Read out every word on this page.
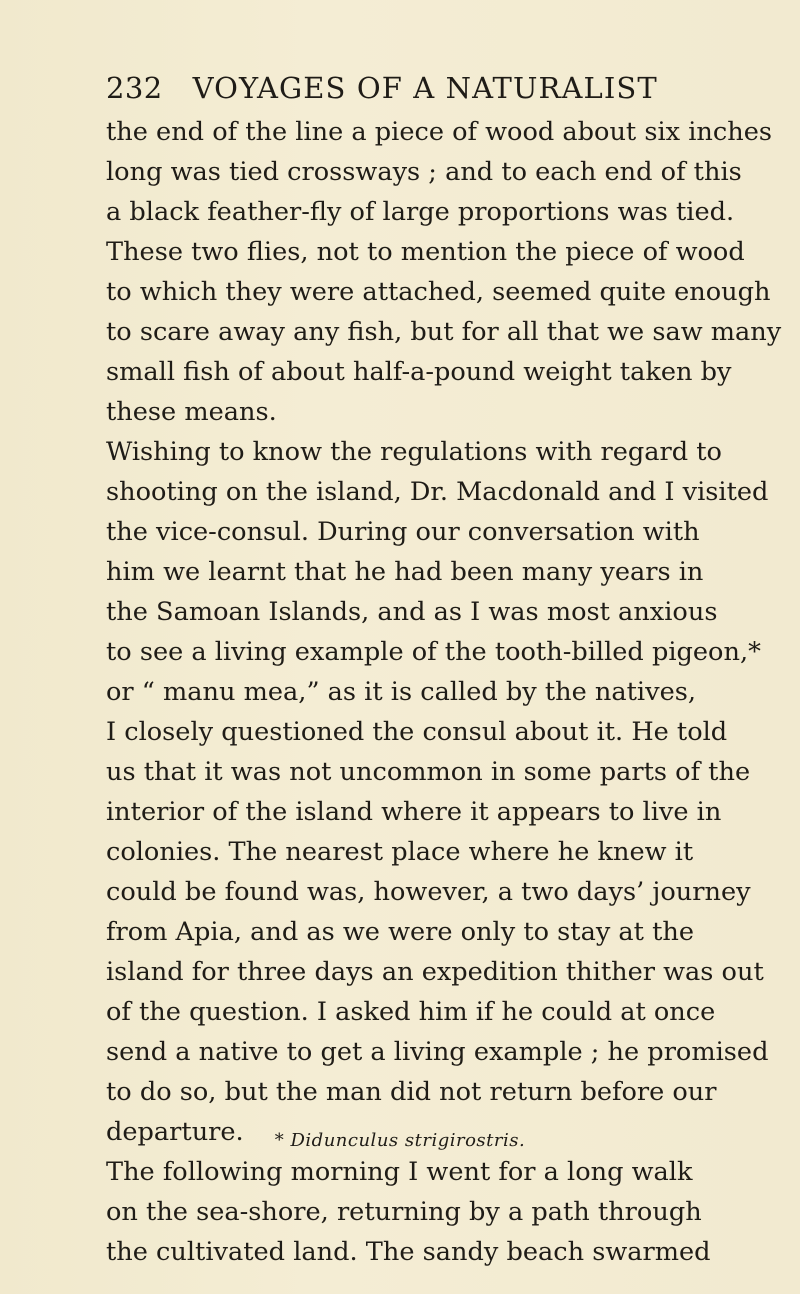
232 VOYAGES OF A NATURALIST
the end of the line a piece of wood about six inches
long was tied crossways ; and to each end of this
a black feather-fly of large proportions was tied.
These two flies, not to mention the piece of wood
to which they were attached, seemed quite enough
to scare away any fish, but for all that we saw many
small fish of about half-a-pound weight taken by
these means.
Wishing to know the regulations with regard to
shooting on the island, Dr. Macdonald and I visited
the vice-consul. During our conversation with
him we learnt that he had been many years in
the Samoan Islands, and as I was most anxious
to see a living example of the tooth-billed pigeon,*
or “ manu mea,” as it is called by the natives,
I closely questioned the consul about it. He told
us that it was not uncommon in some parts of the
interior of the island where it appears to live in
colonies. The nearest place where he knew it
could be found was, however, a two days’ journey
from Apia, and as we were only to stay at the
island for three days an expedition thither was out
of the question. I asked him if he could at once
send a native to get a living example ; he promised
to do so, but the man did not return before our
departure.
The following morning I went for a long walk
on the sea-shore, returning by a path through
the cultivated land. The sandy beach swarmed
* Didunculus strigirostris.
